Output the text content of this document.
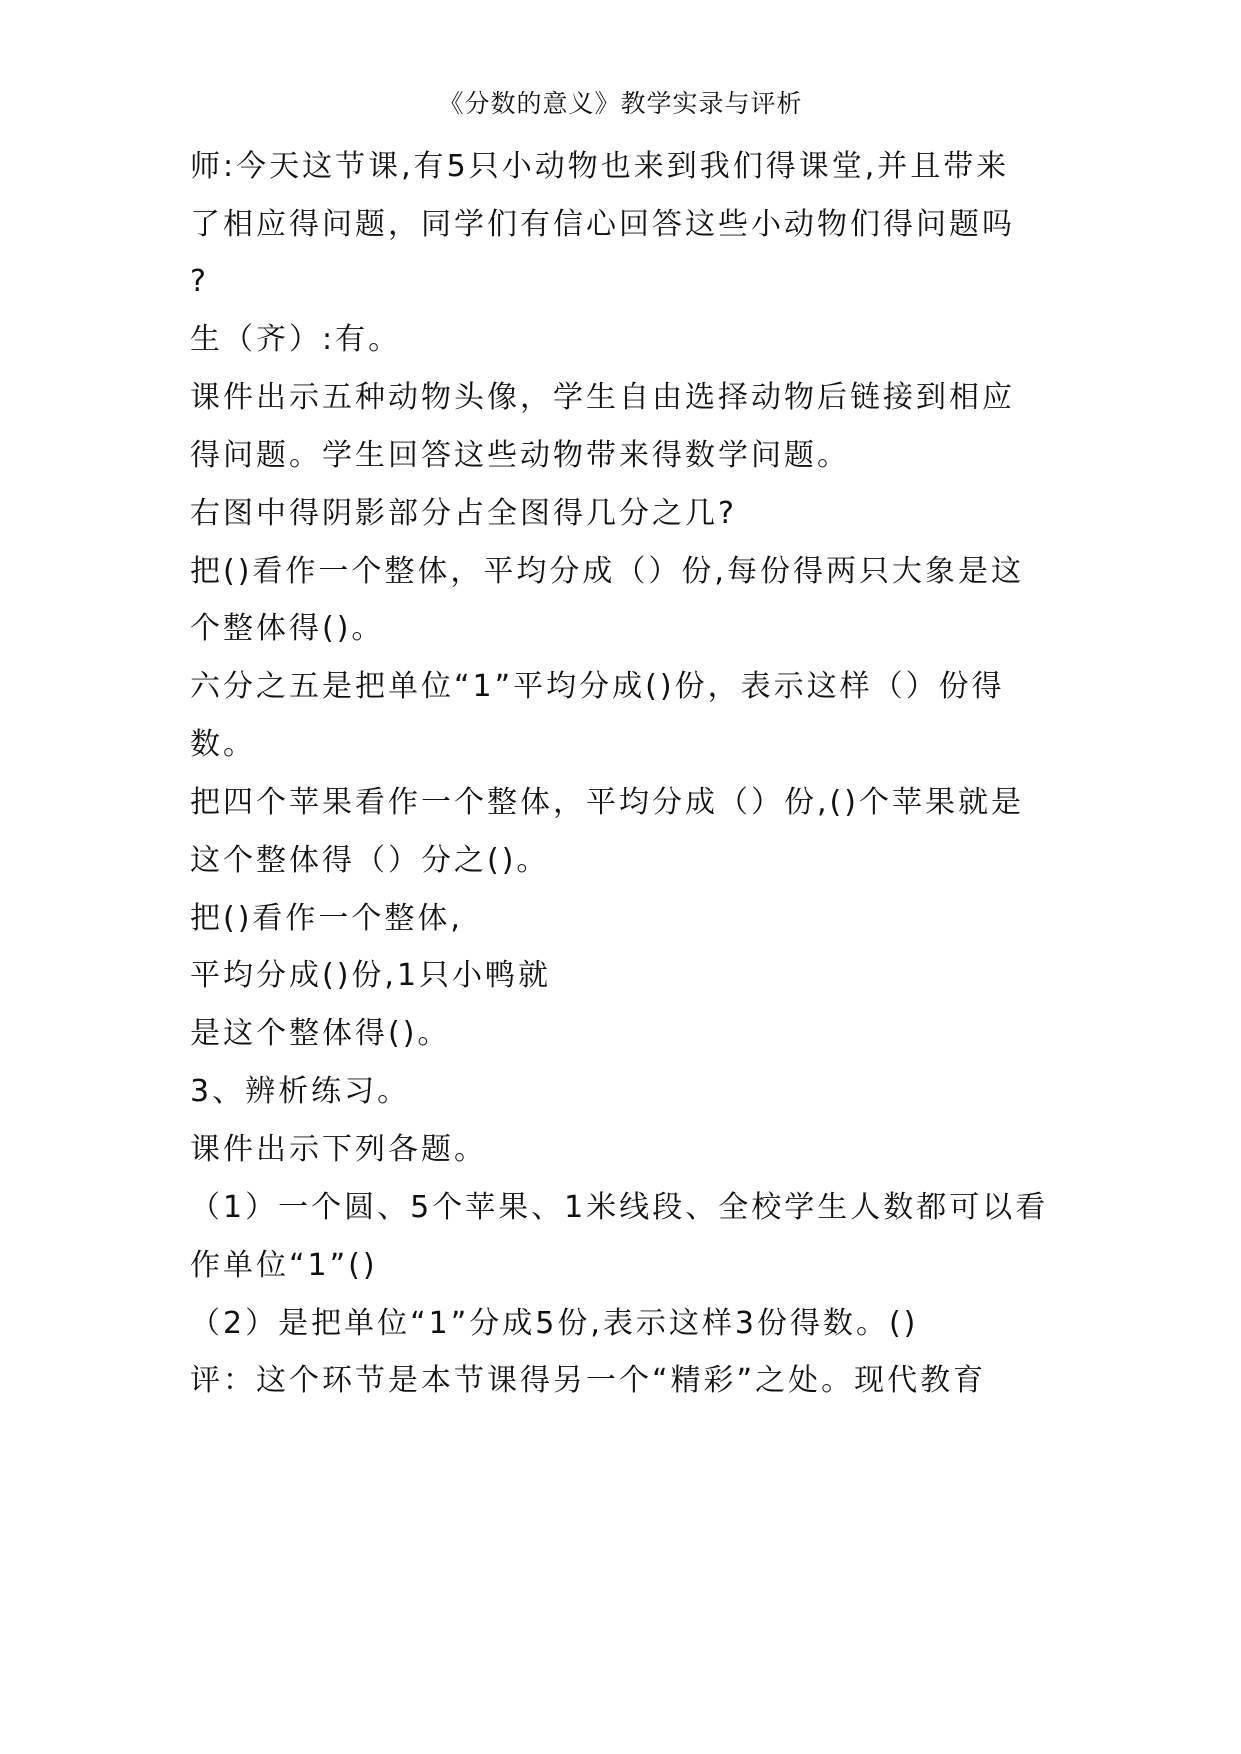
《分数的意义》教学实录与评析
师:今天这节课,有5只小动物也来到我们得课堂,并且带来
了相应得问题，同学们有信心回答这些小动物们得问题吗
?
生（齐）:有。
课件出示五种动物头像，学生自由选择动物后链接到相应
得问题。学生回答这些动物带来得数学问题。
右图中得阴影部分占全图得几分之几?
把()看作一个整体，平均分成（）份,每份得两只大象是这
个整体得()。
六分之五是把单位“1”平均分成()份，表示这样（）份得
数。
把四个苹果看作一个整体，平均分成（）份,()个苹果就是
这个整体得（）分之()。
把()看作一个整体,
平均分成()份,1只小鸭就
是这个整体得()。
3、辨析练习。
课件出示下列各题。
（1）一个圆、5个苹果、1米线段、全校学生人数都可以看
作单位“1”()
（2）是把单位“1”分成5份,表示这样3份得数。()
评：这个环节是本节课得另一个“精彩”之处。现代教育
